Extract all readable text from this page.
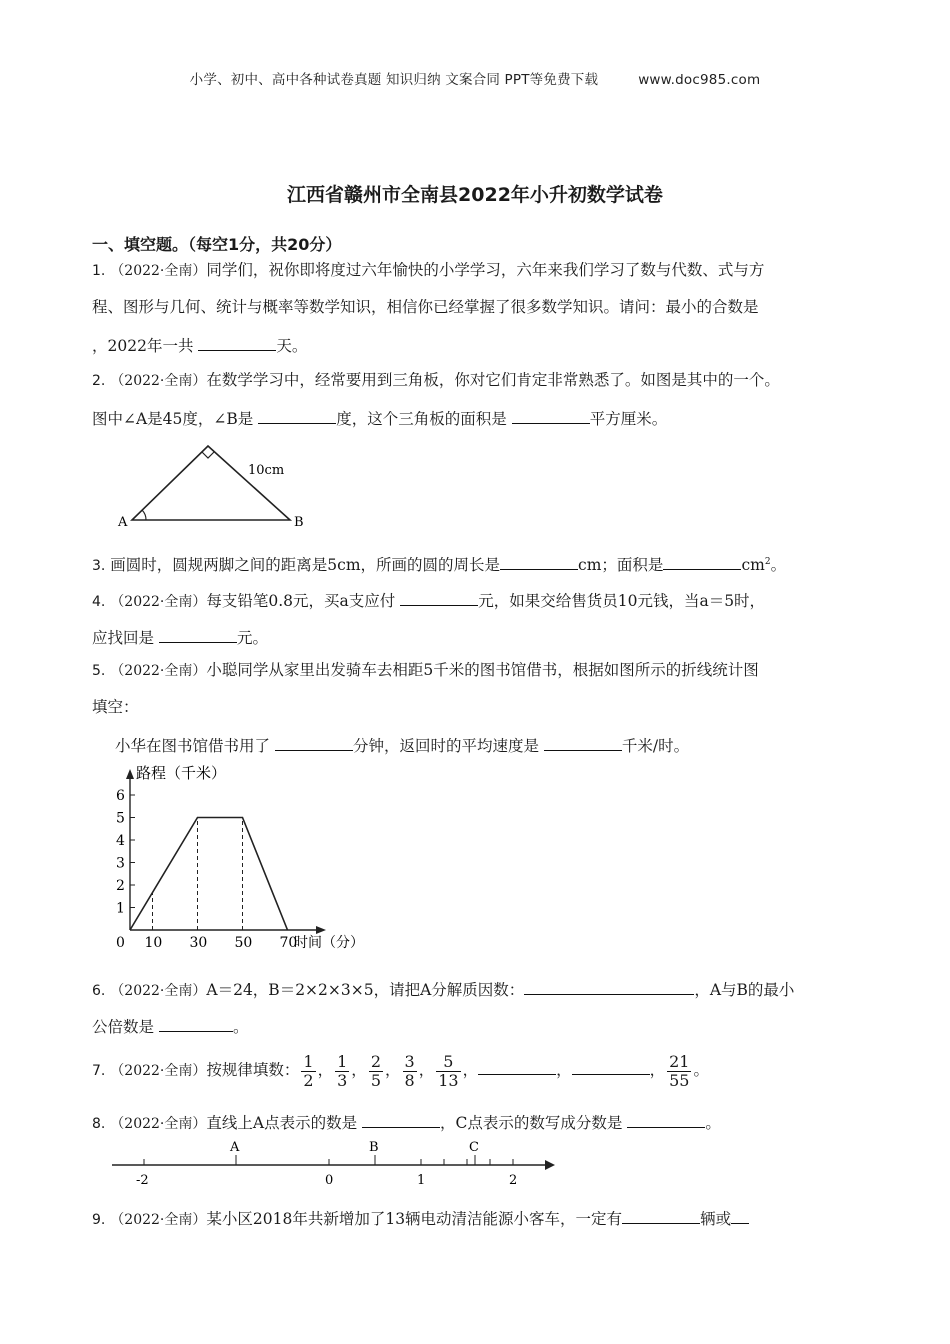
小学、初中、高中各种试卷真题 知识归纳 文案合同 PPT等免费下载	www.doc985.com
江西省赣州市全南县2022年小升初数学试卷
一、填空题。（每空1分，共20分）
1. （2022·全南）同学们，祝你即将度过六年愉快的小学学习，六年来我们学习了数与代数、式与方
程、图形与几何、统计与概率等数学知识，相信你已经掌握了很多数学知识。请问：最小的合数是
，2022年一共	天。
2. （2022·全南）在数学学习中，经常要用到三角板，你对它们肯定非常熟悉了。如图是其中的一个。
图中∠A是45度，∠B是	度，这个三角板的面积是	平方厘米。
10cm
A	B
3. 画圆时，圆规两脚之间的距离是5cm，所画的圆的周长是	cm；面积是	$cm^2$。
4. （2022·全南）每支铅笔0.8元，买a支应付	元，如果交给售货员10元钱，当a＝5时，
应找回是	元。
5. （2022·全南）小聪同学从家里出发骑车去相距5千米的图书馆借书，根据如图所示的折线统计图
填空：
小华在图书馆借书用了	分钟，返回时的平均速度是	千米/时。
1
2
3
4
5
6
0 10 30 50 70
路程（千米）
时间（分）
6. （2022·全南）A＝24，B＝2×2×3×5，请把A分解质因数：	，A与B的最小
公倍数是	。
7. （2022·全南）按规律填数： $\frac{1}{2}$ ， $\frac{1}{3}$ ， $\frac{2}{5}$ ， $\frac{3}{8}$ ， $\frac{5}{13}$ ，	，	， $\frac{21}{55}$ 。
8. （2022·全南）直线上A点表示的数是	，C点表示的数写成分数是	。
A	B	C
-2	0	1	2
9. （2022·全南）某小区2018年共新增加了13辆电动清洁能源小客车，一定有	辆或
